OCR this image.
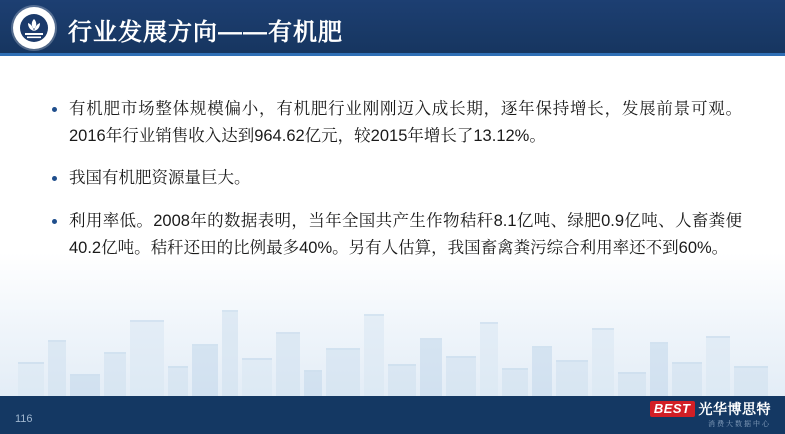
行业发展方向——有机肥
有机肥市场整体规模偏小，有机肥行业刚刚迈入成长期，逐年保持增长，发展前景可观。2016年行业销售收入达到964.62亿元，较2015年增长了13.12%。
我国有机肥资源量巨大。
利用率低。2008年的数据表明，当年全国共产生作物秸秆8.1亿吨、绿肥0.9亿吨、人畜粪便40.2亿吨。秸秆还田的比例最多40%。另有人估算，我国畜禽粪污综合利用率还不到60%。
116
BEST 光华博思特
消费大数据中心
